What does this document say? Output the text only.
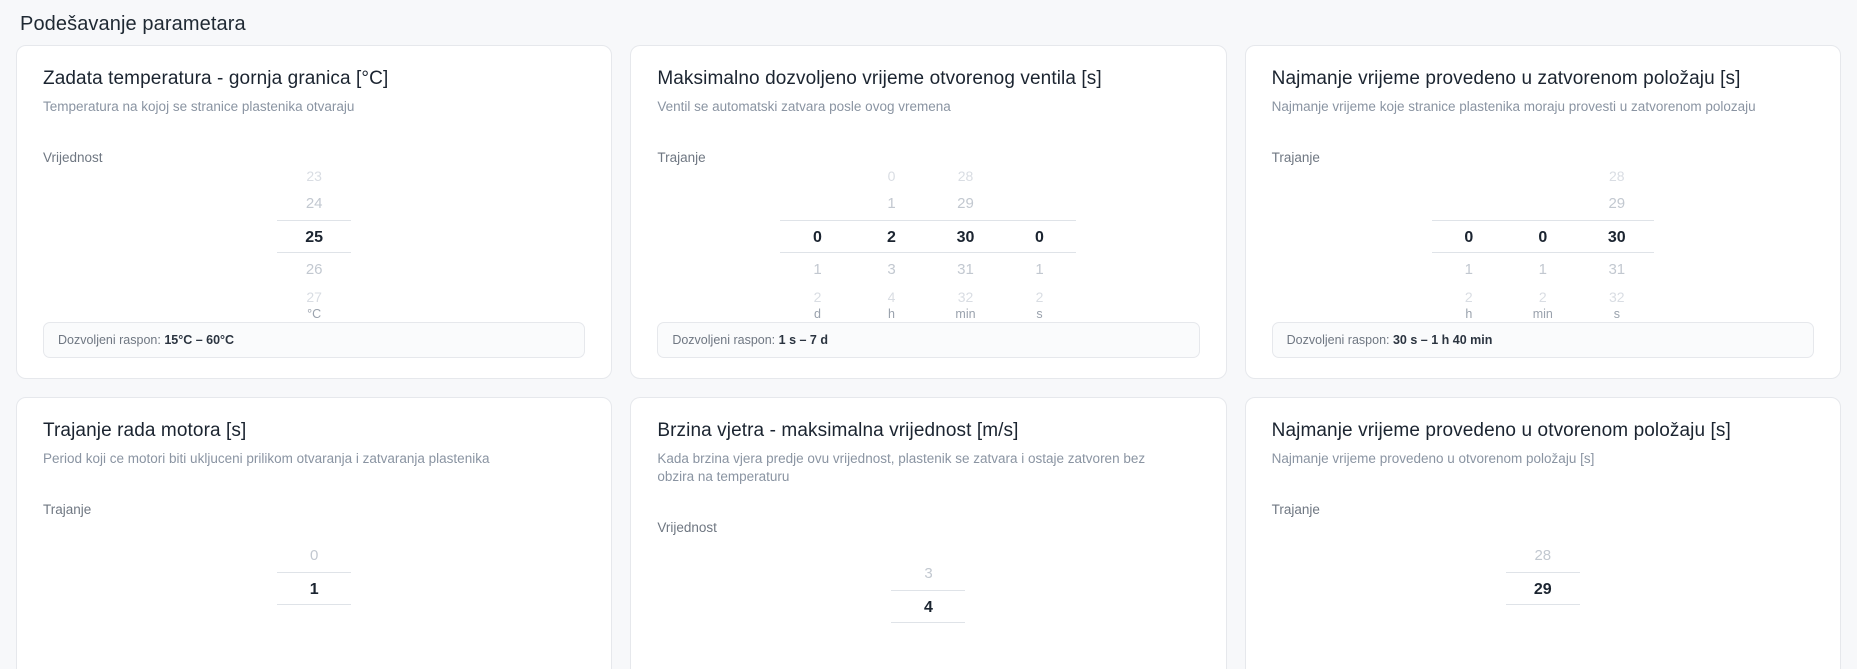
Podešavanje parametara
Zadata temperatura - gornja granica [°C]

Temperatura na kojoj se stranice plastenika otvaraju

Vrijednost
23
24
25
26
27
°C
Dozvoljeni raspon: 15°C – 60°C
Maksimalno dozvoljeno vrijeme otvorenog ventila [s]

Ventil se automatski zatvara posle ovog vremena

Trajanje
0
1
2
d
0
1
2
3
4
h
28
29
30
31
32
min
0
1
2
s
Dozvoljeni raspon: 1 s – 7 d
Najmanje vrijeme provedeno u zatvorenom položaju [s]

Najmanje vrijeme koje stranice plastenika moraju provesti u zatvorenom polozaju

Trajanje
0
1
2
h
0
1
2
min
28
29
30
31
32
s
Dozvoljeni raspon: 30 s – 1 h 40 min
Trajanje rada motora [s]

Period koji ce motori biti ukljuceni prilikom otvaranja i zatvaranja plastenika

Trajanje
0
1
Brzina vjetra - maksimalna vrijednost [m/s]

Kada brzina vjera predje ovu vrijednost, plastenik se zatvara i ostaje zatvoren bez obzira na temperaturu

Vrijednost
3
4
Najmanje vrijeme provedeno u otvorenom položaju [s]

Najmanje vrijeme provedeno u otvorenom položaju [s]

Trajanje
28
29
